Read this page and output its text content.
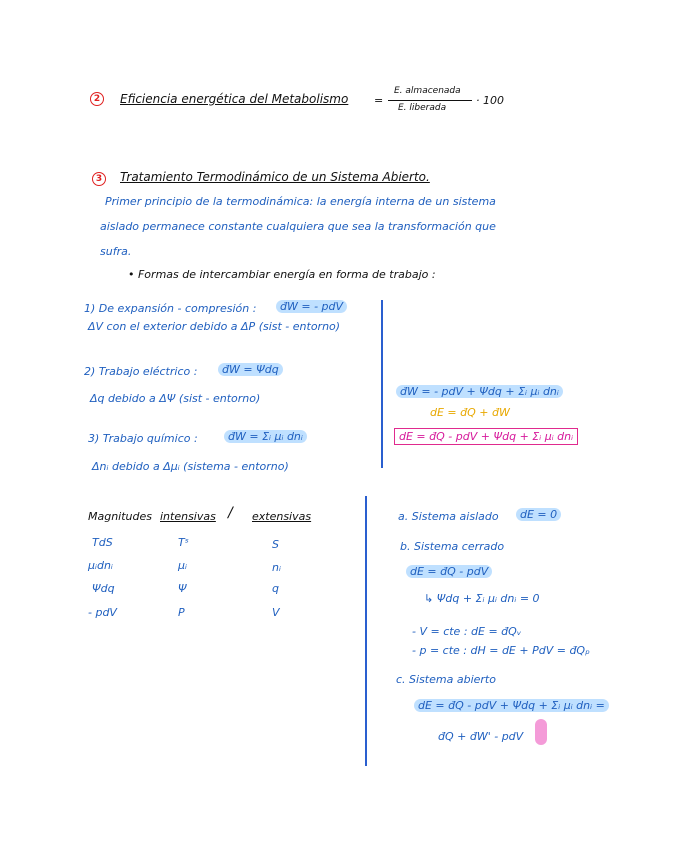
2	Eficiencia energética del Metabolismo =
E. almacenada
E. liberada
· 100
3	Tratamiento Termodinámico de un Sistema Abierto.
Primer principio de la termodinámica: la energía interna de un sistema
aislado permanece constante cualquiera que sea la transformación que
sufra.
• Formas de intercambiar energía en forma de trabajo :
1) De expansión - compresión :	đW = - pdV
ΔV con el exterior debido a ΔP (sist - entorno)
2) Trabajo eléctrico :	đW = Ψdq
Δq debido a ΔΨ (sist - entorno)
3) Trabajo químico :	đW = Σᵢ μᵢ dnᵢ
Δnᵢ debido a Δμᵢ (sistema - entorno)
đW = - pdV + Ψdq + Σᵢ μᵢ dnᵢ
dE = đQ + đW
dE = đQ - pdV + Ψdq + Σᵢ μᵢ dnᵢ
Magnitudes intensivas / extensivas
TdS	Tˢ	S
μᵢdnᵢ	μᵢ	nᵢ
Ψdq	Ψ	q
- pdV	P	V
a. Sistema aislado	dE = 0
b. Sistema cerrado
dE = đQ - pdV
↳ Ψdq + Σᵢ μᵢ dnᵢ = 0
- V = cte : dE = đQᵥ
- p = cte : dH = dE + PdV = đQₚ
c. Sistema abierto
dE = đQ - pdV + Ψdq + Σᵢ μᵢ dnᵢ =
đQ + đW' - pdV
